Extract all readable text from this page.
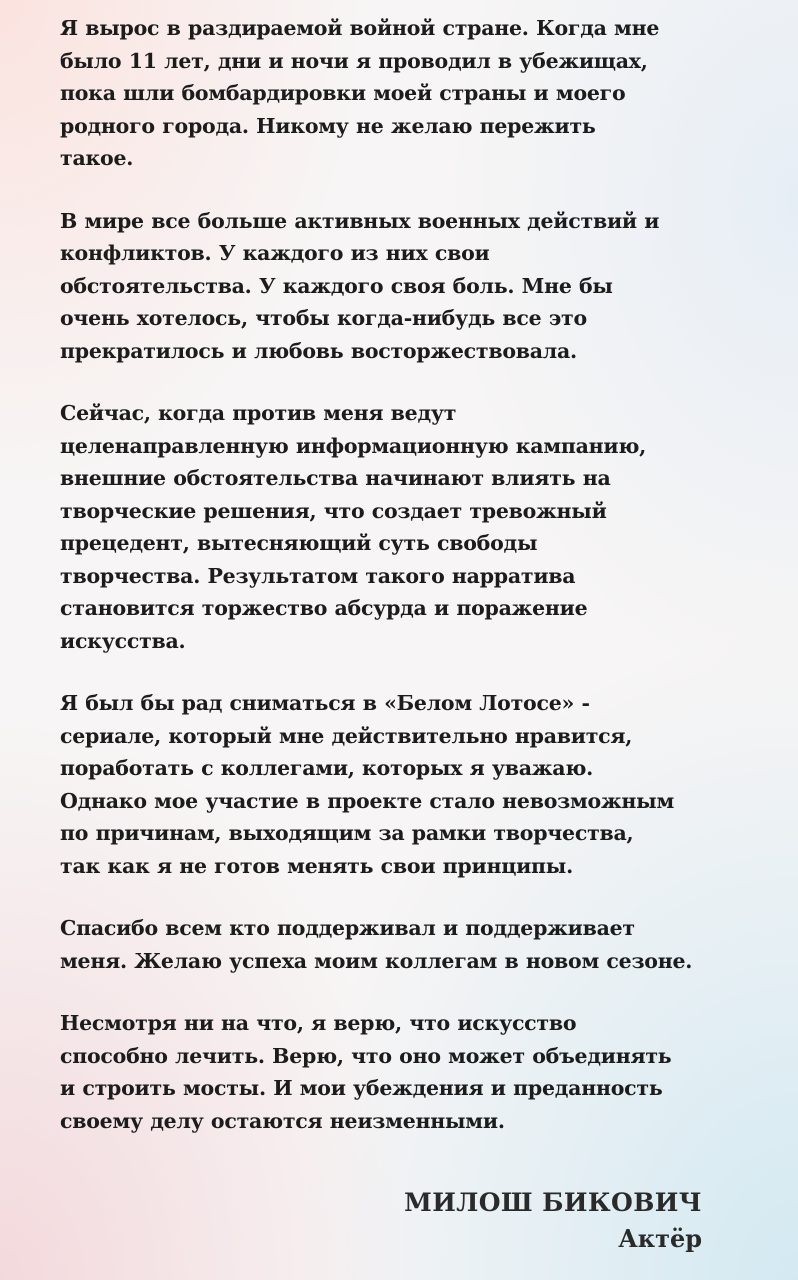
Я вырос в раздираемой войной стране. Когда мне
было 11 лет, дни и ночи я проводил в убежищах,
пока шли бомбардировки моей страны и моего
родного города. Никому не желаю пережить
такое.

В мире все больше активных военных действий и
конфликтов. У каждого из них свои
обстоятельства. У каждого своя боль. Мне бы
очень хотелось, чтобы когда-нибудь все это
прекратилось и любовь восторжествовала.

Сейчас, когда против меня ведут
целенаправленную информационную кампанию,
внешние обстоятельства начинают влиять на
творческие решения, что создает тревожный
прецедент, вытесняющий суть свободы
творчества. Результатом такого нарратива
становится торжество абсурда и поражение
искусства.

Я был бы рад сниматься в «Белом Лотосе» -
сериале, который мне действительно нравится,
поработать с коллегами, которых я уважаю.
Однако мое участие в проекте стало невозможным
по причинам, выходящим за рамки творчества,
так как я не готов менять свои принципы.

Спасибо всем кто поддерживал и поддерживает
меня. Желаю успеха моим коллегам в новом сезоне.

Несмотря ни на что, я верю, что искусство
способно лечить. Верю, что оно может объединять
и строить мосты. И мои убеждения и преданность
своему делу остаются неизменными.

МИЛОШ БИКОВИЧ
Актёр
